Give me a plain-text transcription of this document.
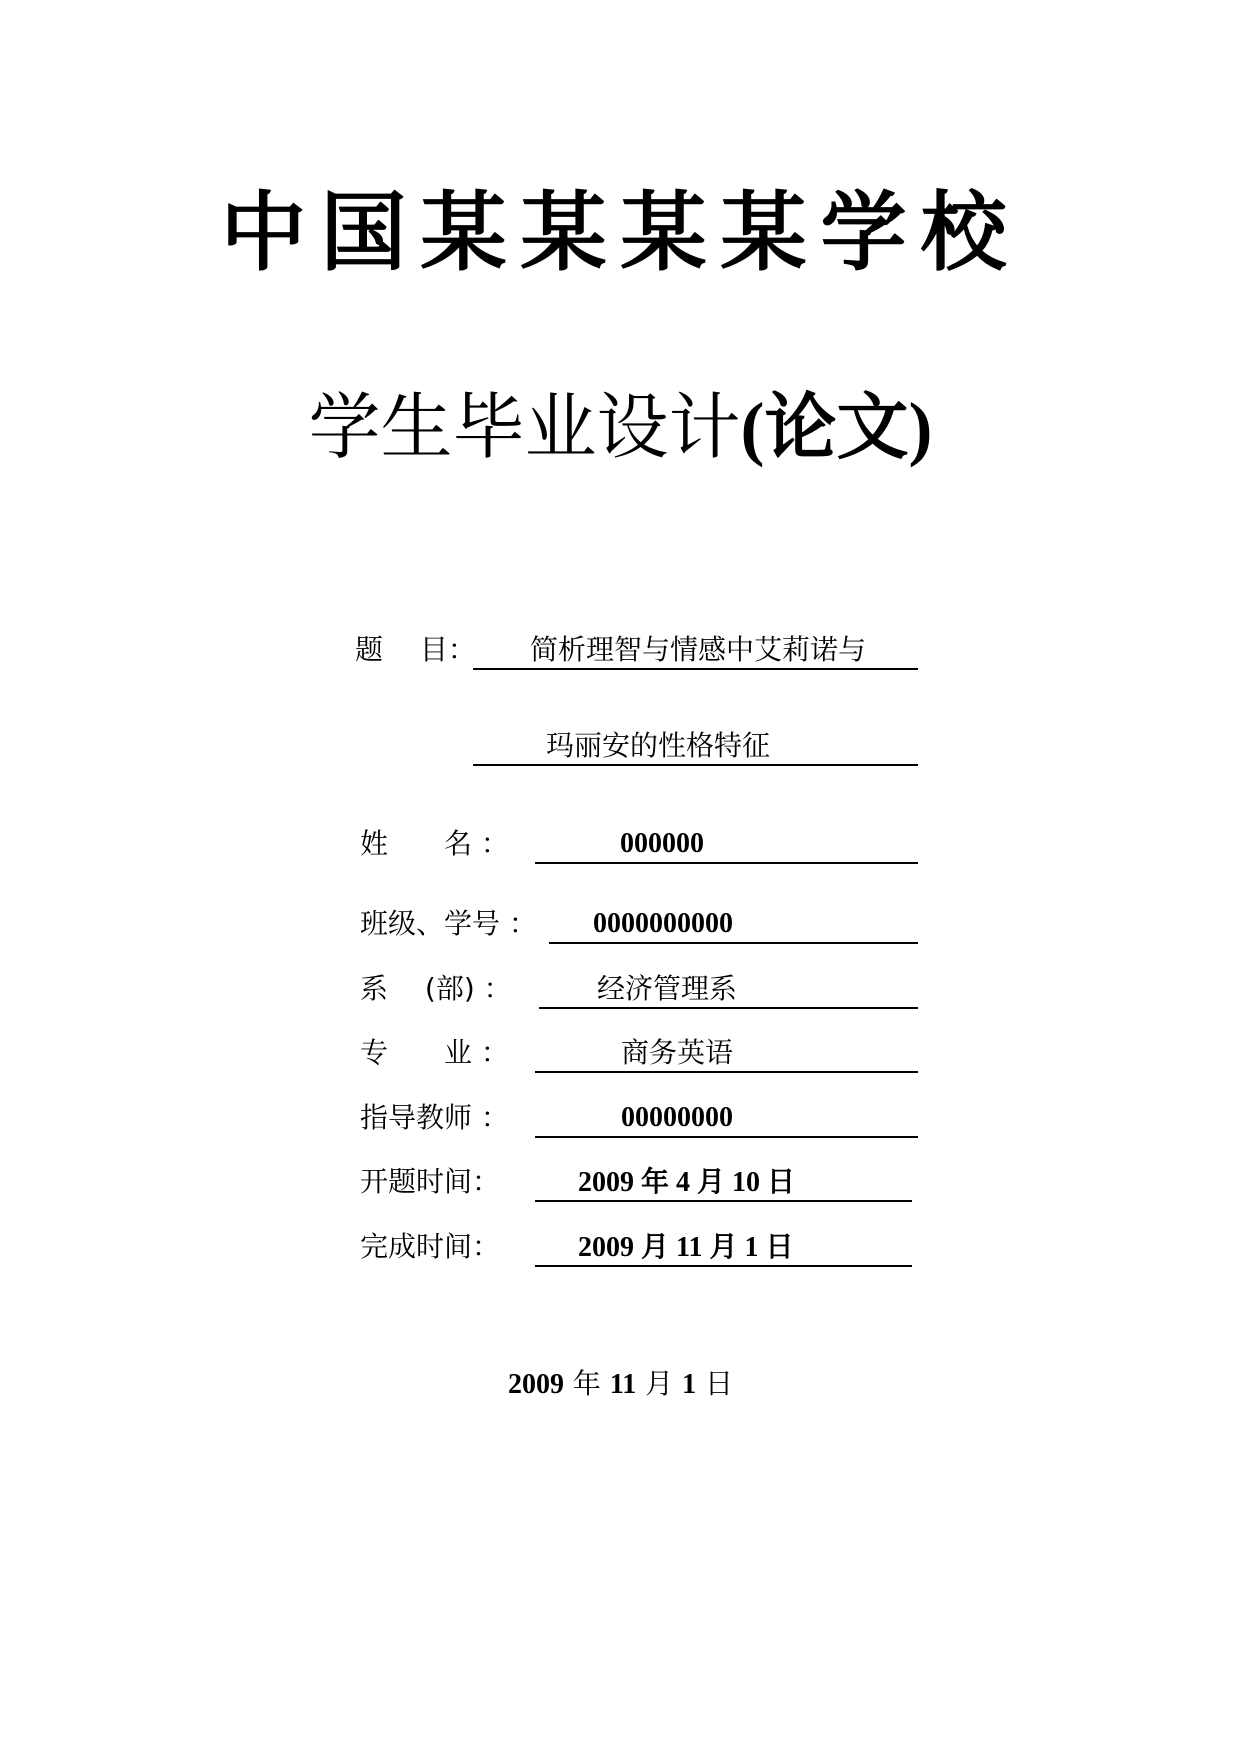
中国某某某某学校
学生毕业设计(论文)
题　 目： 简析理智与情感中艾莉诺与
玛丽安的性格特征
姓　　名 ：	000000
班级、学号 ： 0000000000
系　 (部) ：	经济管理系
专　　业 ：	商务英语
指导教师 ：	00000000
开题时间：	2009 年 4 月 10 日
完成时间：	2009 月 11 月 1 日
2009 年 11 月 1 日
